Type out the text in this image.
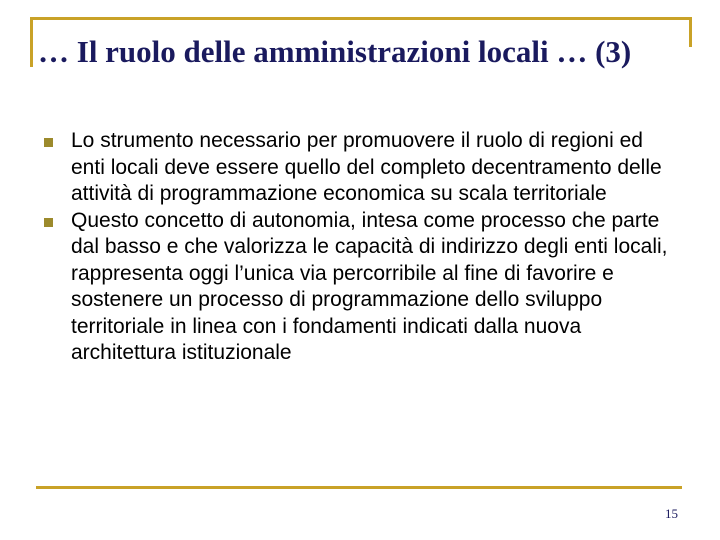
… Il ruolo delle amministrazioni locali … (3)
Lo strumento necessario per promuovere il ruolo di regioni ed enti locali deve essere quello del completo decentramento delle attività di programmazione economica su scala territoriale
Questo concetto di autonomia, intesa come processo che parte dal basso e che valorizza le capacità di indirizzo degli enti locali, rappresenta oggi l’unica via percorribile al fine di favorire e sostenere un processo di programmazione dello sviluppo territoriale in linea con i fondamenti indicati dalla nuova architettura istituzionale
15
